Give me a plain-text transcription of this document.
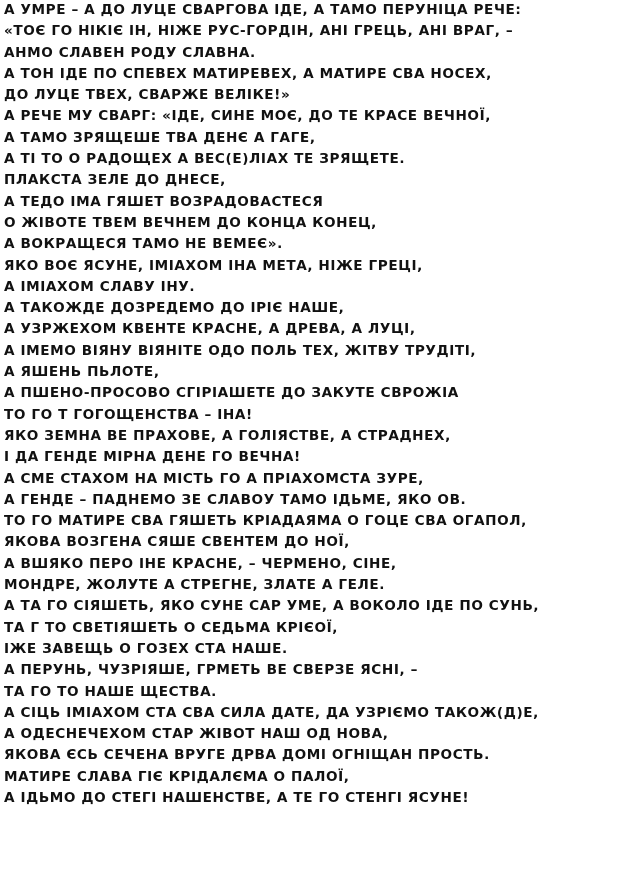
А УМРЕ – А ДО ЛУЦЕ СВАРГОВА ІДЕ, А ТАМО ПЕРУНІЦА РЕЧЕ:
«ТОЄ ГО НІКІЄ ІН, НІЖЕ РУС-ГОРДІН, АНІ ГРЕЦЬ, АНІ ВРАГ, –
АНМО СЛАВЕН РОДУ СЛАВНА.
А ТОН ІДЕ ПО СПЕВЕХ МАТИРЕВЕХ, А МАТИРЕ СВА НОСЕХ,
ДО ЛУЦЕ ТВЕХ, СВАРЖЕ ВЕЛІКЕ!»
А РЕЧЕ МУ СВАРГ: «ІДЕ, СИНЕ МОЄ, ДО ТЕ КРАСЕ ВЕЧНОЇ,
А ТАМО ЗРЯЩЕШЕ ТВА ДЕНЄ А ГАГЕ,
А ТІ ТО О РАДОЩЕХ А ВЕС(Е)ЛІАХ ТЕ ЗРЯЩЕТЕ.
ПЛАКСТА ЗЕЛЕ ДО ДНЕСЕ,
А ТЕДО ІМА ГЯШЕТ ВОЗРАДОВАСТЕСЯ
О ЖІВОТЕ ТВЕМ ВЕЧНЕМ ДО КОНЦА КОНЕЦ,
А ВОКРАЩЕСЯ ТАМО НЕ ВЕМЕЄ».
ЯКО ВОЄ ЯСУНЕ, ІМІАХОМ ІНА МЕТА, НІЖЕ ГРЕЦІ,
А ІМІАХОМ СЛАВУ ІНУ.
А ТАКОЖДЕ ДОЗРЕДЕМО ДО ІРІЄ НАШЕ,
А УЗРЖЕХОМ КВЕНТЕ КРАСНЕ, А ДРЕВА, А ЛУЦІ,
А ІМЕМО ВІЯНУ ВІЯНІТЕ ОДО ПОЛЬ ТЕХ, ЖІТВУ ТРУДІТІ,
А ЯШЕНЬ ПЬЛОТЕ,
А ПШЕНО-ПРОСОВО СГІРІАШЕТЕ ДО ЗАКУТЕ СВРОЖІА
ТО ГО Т ГОГОЩЕНСТВА – ІНА!
ЯКО ЗЕМНА ВЕ ПРАХОВЕ, А ГОЛІЯСТВЕ, А СТРАДНЕХ,
І ДА ГЕНДЕ МІРНА ДЕНЕ ГО ВЕЧНА!
А СМЕ СТАХОМ НА МІСТЬ ГО А ПРІАХОМСТА ЗУРЕ,
А ГЕНДЕ – ПАДНЕМО ЗЕ СЛАВОУ ТАМО ІДЬМЕ, ЯКО ОВ.
ТО ГО МАТИРЕ СВА ГЯШЕТЬ КРІАДАЯМА О ГОЦЕ СВА ОГАПОЛ,
ЯКОВА ВОЗГЕНА СЯШЕ СВЕНТЕМ ДО НОЇ,
А ВШЯКО ПЕРО ІНЕ КРАСНЕ, – ЧЕРМЕНО, СІНЕ,
МОНДРЕ, ЖОЛУТЕ А СТРЕГНЕ, ЗЛАТЕ А ГЕЛЕ.
А ТА ГО СІЯШЕТЬ, ЯКО СУНЕ САР УМЕ, А ВОКОЛО ІДЕ ПО СУНЬ,
ТА Г ТО СВЕТІЯШЕТЬ О СЕДЬМА КРІЄОЇ,
ІЖЕ ЗАВЕЩЬ О ГОЗЕХ СТА НАШЕ.
А ПЕРУНЬ, ЧУЗРІЯШЕ, ГРМЕТЬ ВЕ СВЕРЗЕ ЯСНІ, –
ТА ГО ТО НАШЕ ЩЕСТВА.
А СІЦЬ ІМІАХОМ СТА СВА СИЛА ДАТЕ, ДА УЗРІЄМО ТАКОЖ(Д)Е,
А ОДЕСНЕЧЕХОМ СТАР ЖІВОТ НАШ ОД НОВА,
ЯКОВА ЄСЬ СЕЧЕНА ВРУГЕ ДРВА ДОМІ ОГНІЩАН ПРОСТЬ.
МАТИРЕ СЛАВА ГІЄ КРІДАЛЄМА О ПАЛОЇ,
А ІДЬМО ДО СТЕГІ НАШЕНСТВЕ, А ТЕ ГО СТЕНГІ ЯСУНЕ!
